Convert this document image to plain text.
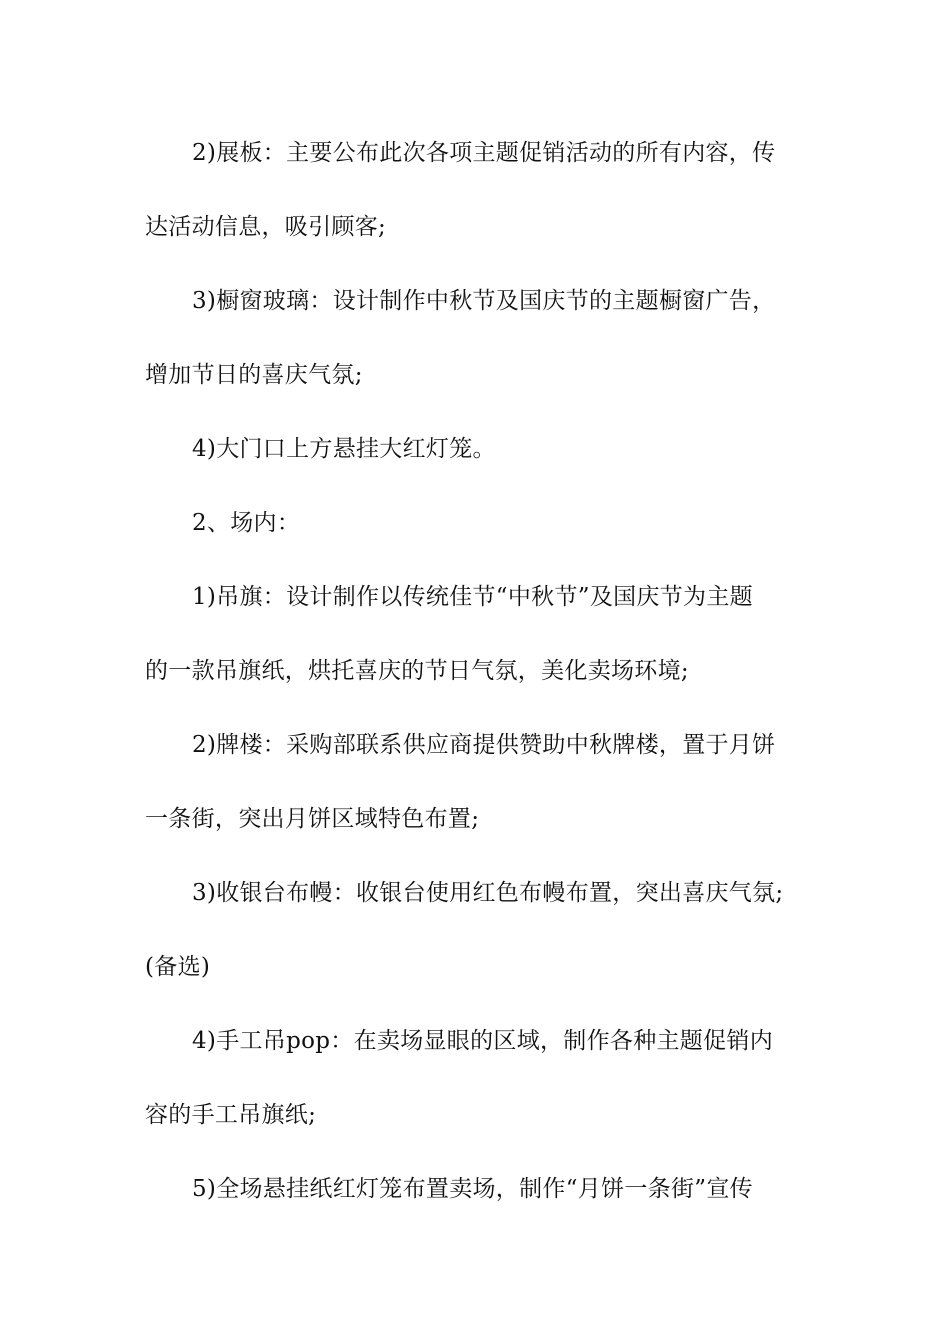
2)展板：主要公布此次各项主题促销活动的所有内容，传
达活动信息，吸引顾客;
3)橱窗玻璃：设计制作中秋节及国庆节的主题橱窗广告，
增加节日的喜庆气氛;
4)大门口上方悬挂大红灯笼。
2、场内：
1)吊旗：设计制作以传统佳节“中秋节”及国庆节为主题
的一款吊旗纸，烘托喜庆的节日气氛，美化卖场环境;
2)牌楼：采购部联系供应商提供赞助中秋牌楼，置于月饼
一条街，突出月饼区域特色布置;
3)收银台布幔：收银台使用红色布幔布置，突出喜庆气氛;
(备选)
4)手工吊pop：在卖场显眼的区域，制作各种主题促销内
容的手工吊旗纸;
5)全场悬挂纸红灯笼布置卖场，制作“月饼一条街”宣传
